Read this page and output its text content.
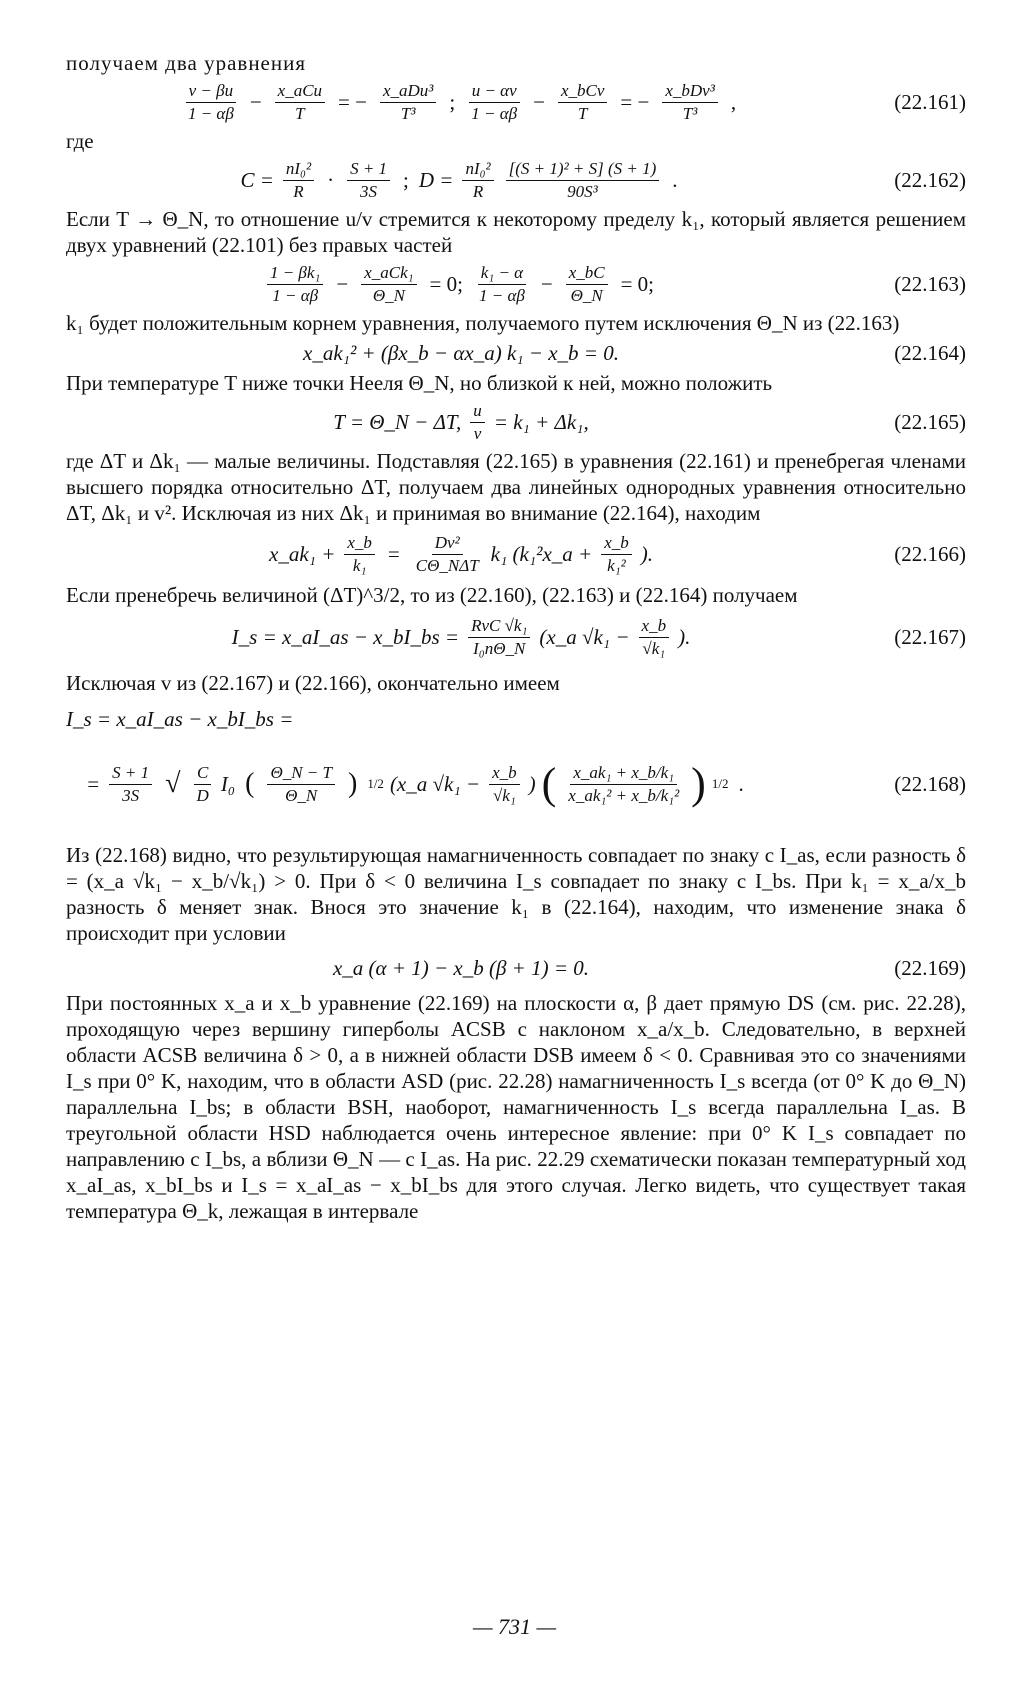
получаем два уравнения

$\frac{v - \beta u}{1 - \alpha\beta} - \frac{\text{x\_aCu}}{T}$ = − $\frac{\text{x\_aDu³}}{\text{T³}}$ ; $\frac{u - \alpha v}{1 - \alpha\beta} - \frac{\text{x\_bCv}}{T}$ = − $\frac{\text{x\_bDv³}}{\text{T³}}$ ,	(22.161)

где

$C = \frac{\text{nI₀²}}{R} \cdot \frac{S + 1}{3S}$ ; $D = \frac{\text{nI₀²}}{R} \frac{\text{[(S + 1)² + S] (S + 1)}}{\text{90S³}}$ .	(22.162)

Если T → Θ_N, то отношение u/v стремится к некоторому пределу k₁, который является решением двух уравнений (22.101) без правых частей

$\frac{\text{1 − βk₁}}{1 - \alpha\beta} - \frac{\text{x\_aCk₁}}{\Theta\_N} = 0$; $\frac{\text{k₁ − α}}{1 - \alpha\beta} - \frac{x\_bC}{\Theta\_N} = 0$;	(22.163)

k₁ будет положительным корнем уравнения, получаемого путем исключения Θ_N из (22.163)

x_ak₁² + (βx_b − αx_a) k₁ − x_b = 0.	(22.164)

При температуре T ниже точки Нееля Θ_N, но близкой к ней, можно положить

T = Θ_N − ΔT, $\frac{u}{v} = k_1 + \Delta k_1$,	(22.165)

где ΔT и Δk₁ — малые величины. Подставляя (22.165) в уравнения (22.161) и пренебрегая членами высшего порядка относительно ΔT, получаем два линейных однородных уравнения относительно ΔT, Δk₁ и v². Исключая из них Δk₁ и принимая во внимание (22.164), находим

x_ak₁ + $\frac{x\_b}{\text{k₁}} = \frac{\text{Dv²}}{\text{CΘ\_NΔT}} k_1$ (k₁²x_a + $\frac{x\_b}{\text{k₁²}}$ ).	(22.166)

Если пренебречь величиной (ΔT)^3/2, то из (22.160), (22.163) и (22.164) получаем

I_s = x_aI_as − x_bI_bs = $\frac{\text{RvC √k₁}}{\text{I₀nΘ\_N}}$ (x_a $√k_1 - \frac{x\_b}{\text{√k₁}}$ ).	(22.167)

Исключая v из (22.167) и (22.166), окончательно имеем

I_s = x_aI_as − x_bI_bs =

= $\frac{S + 1}{3S}$ √ $\frac{C}{D} I_0$ ( $\frac{\Theta\_N - T}{\Theta\_N}$ ) 1/2 (x_a $√k_1 - \frac{x\_b}{\text{√k₁}}$ ) ( $\frac{\text{x\_ak₁ + x\_b/k₁}}{\text{x\_ak₁² + x\_b/k₁²}}$ ) 1/2 .	(22.168)

Из (22.168) видно, что результирующая намагниченность совпадает по знаку с I_as, если разность δ = (x_a √k₁ − x_b/√k₁) > 0. При δ < 0 величина I_s совпадает по знаку с I_bs. При k₁ = x_a/x_b разность δ меняет знак. Внося это значение k₁ в (22.164), находим, что изменение знака δ происходит при условии

x_a (α + 1) − x_b (β + 1) = 0.	(22.169)

При постоянных x_a и x_b уравнение (22.169) на плоскости α, β дает прямую DS (см. рис. 22.28), проходящую через вершину гиперболы ACSB с наклоном x_a/x_b. Следовательно, в верхней области ACSB величина δ > 0, а в нижней области DSB имеем δ < 0. Сравнивая это со значениями I_s при 0° K, находим, что в области ASD (рис. 22.28) намагниченность I_s всегда (от 0° K до Θ_N) параллельна I_bs; в области BSH, наоборот, намагниченность I_s всегда параллельна I_as. В треугольной области HSD наблюдается очень интересное явление: при 0° K I_s совпадает по направлению с I_bs, а вблизи Θ_N — с I_as. На рис. 22.29 схематически показан температурный ход x_aI_as, x_bI_bs и I_s = x_aI_as − x_bI_bs для этого случая. Легко видеть, что существует такая температура Θ_k, лежащая в интервале

— 731 —
